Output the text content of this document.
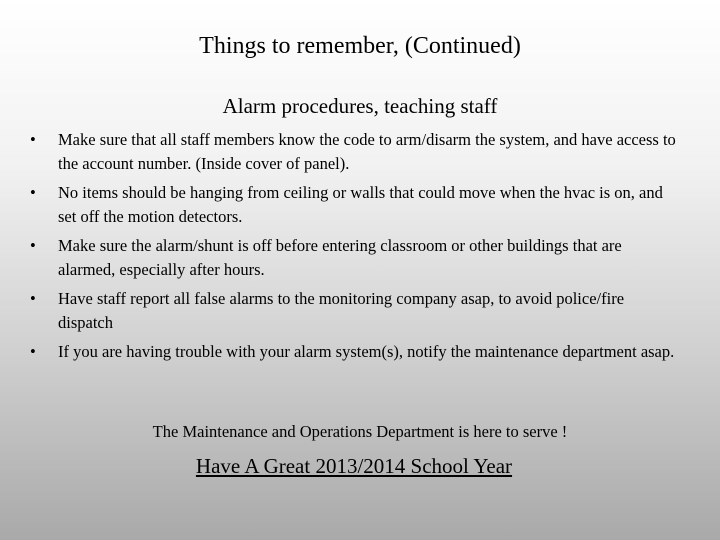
Things to remember, (Continued)
Alarm procedures, teaching staff
•	Make sure that all staff members know the code to arm/disarm the system, and have access to the account number. (Inside cover of panel).
•	No items should be hanging from ceiling or walls that could move when the hvac is on, and set off the motion detectors.
•	Make sure the alarm/shunt is off before entering classroom or other buildings that are alarmed, especially after hours.
•	Have staff report all false alarms to the monitoring company asap, to avoid police/fire dispatch
•	If you are having trouble with your alarm system(s), notify the maintenance department asap.
The Maintenance and Operations Department is here to serve !
Have A Great 2013/2014 School Year
